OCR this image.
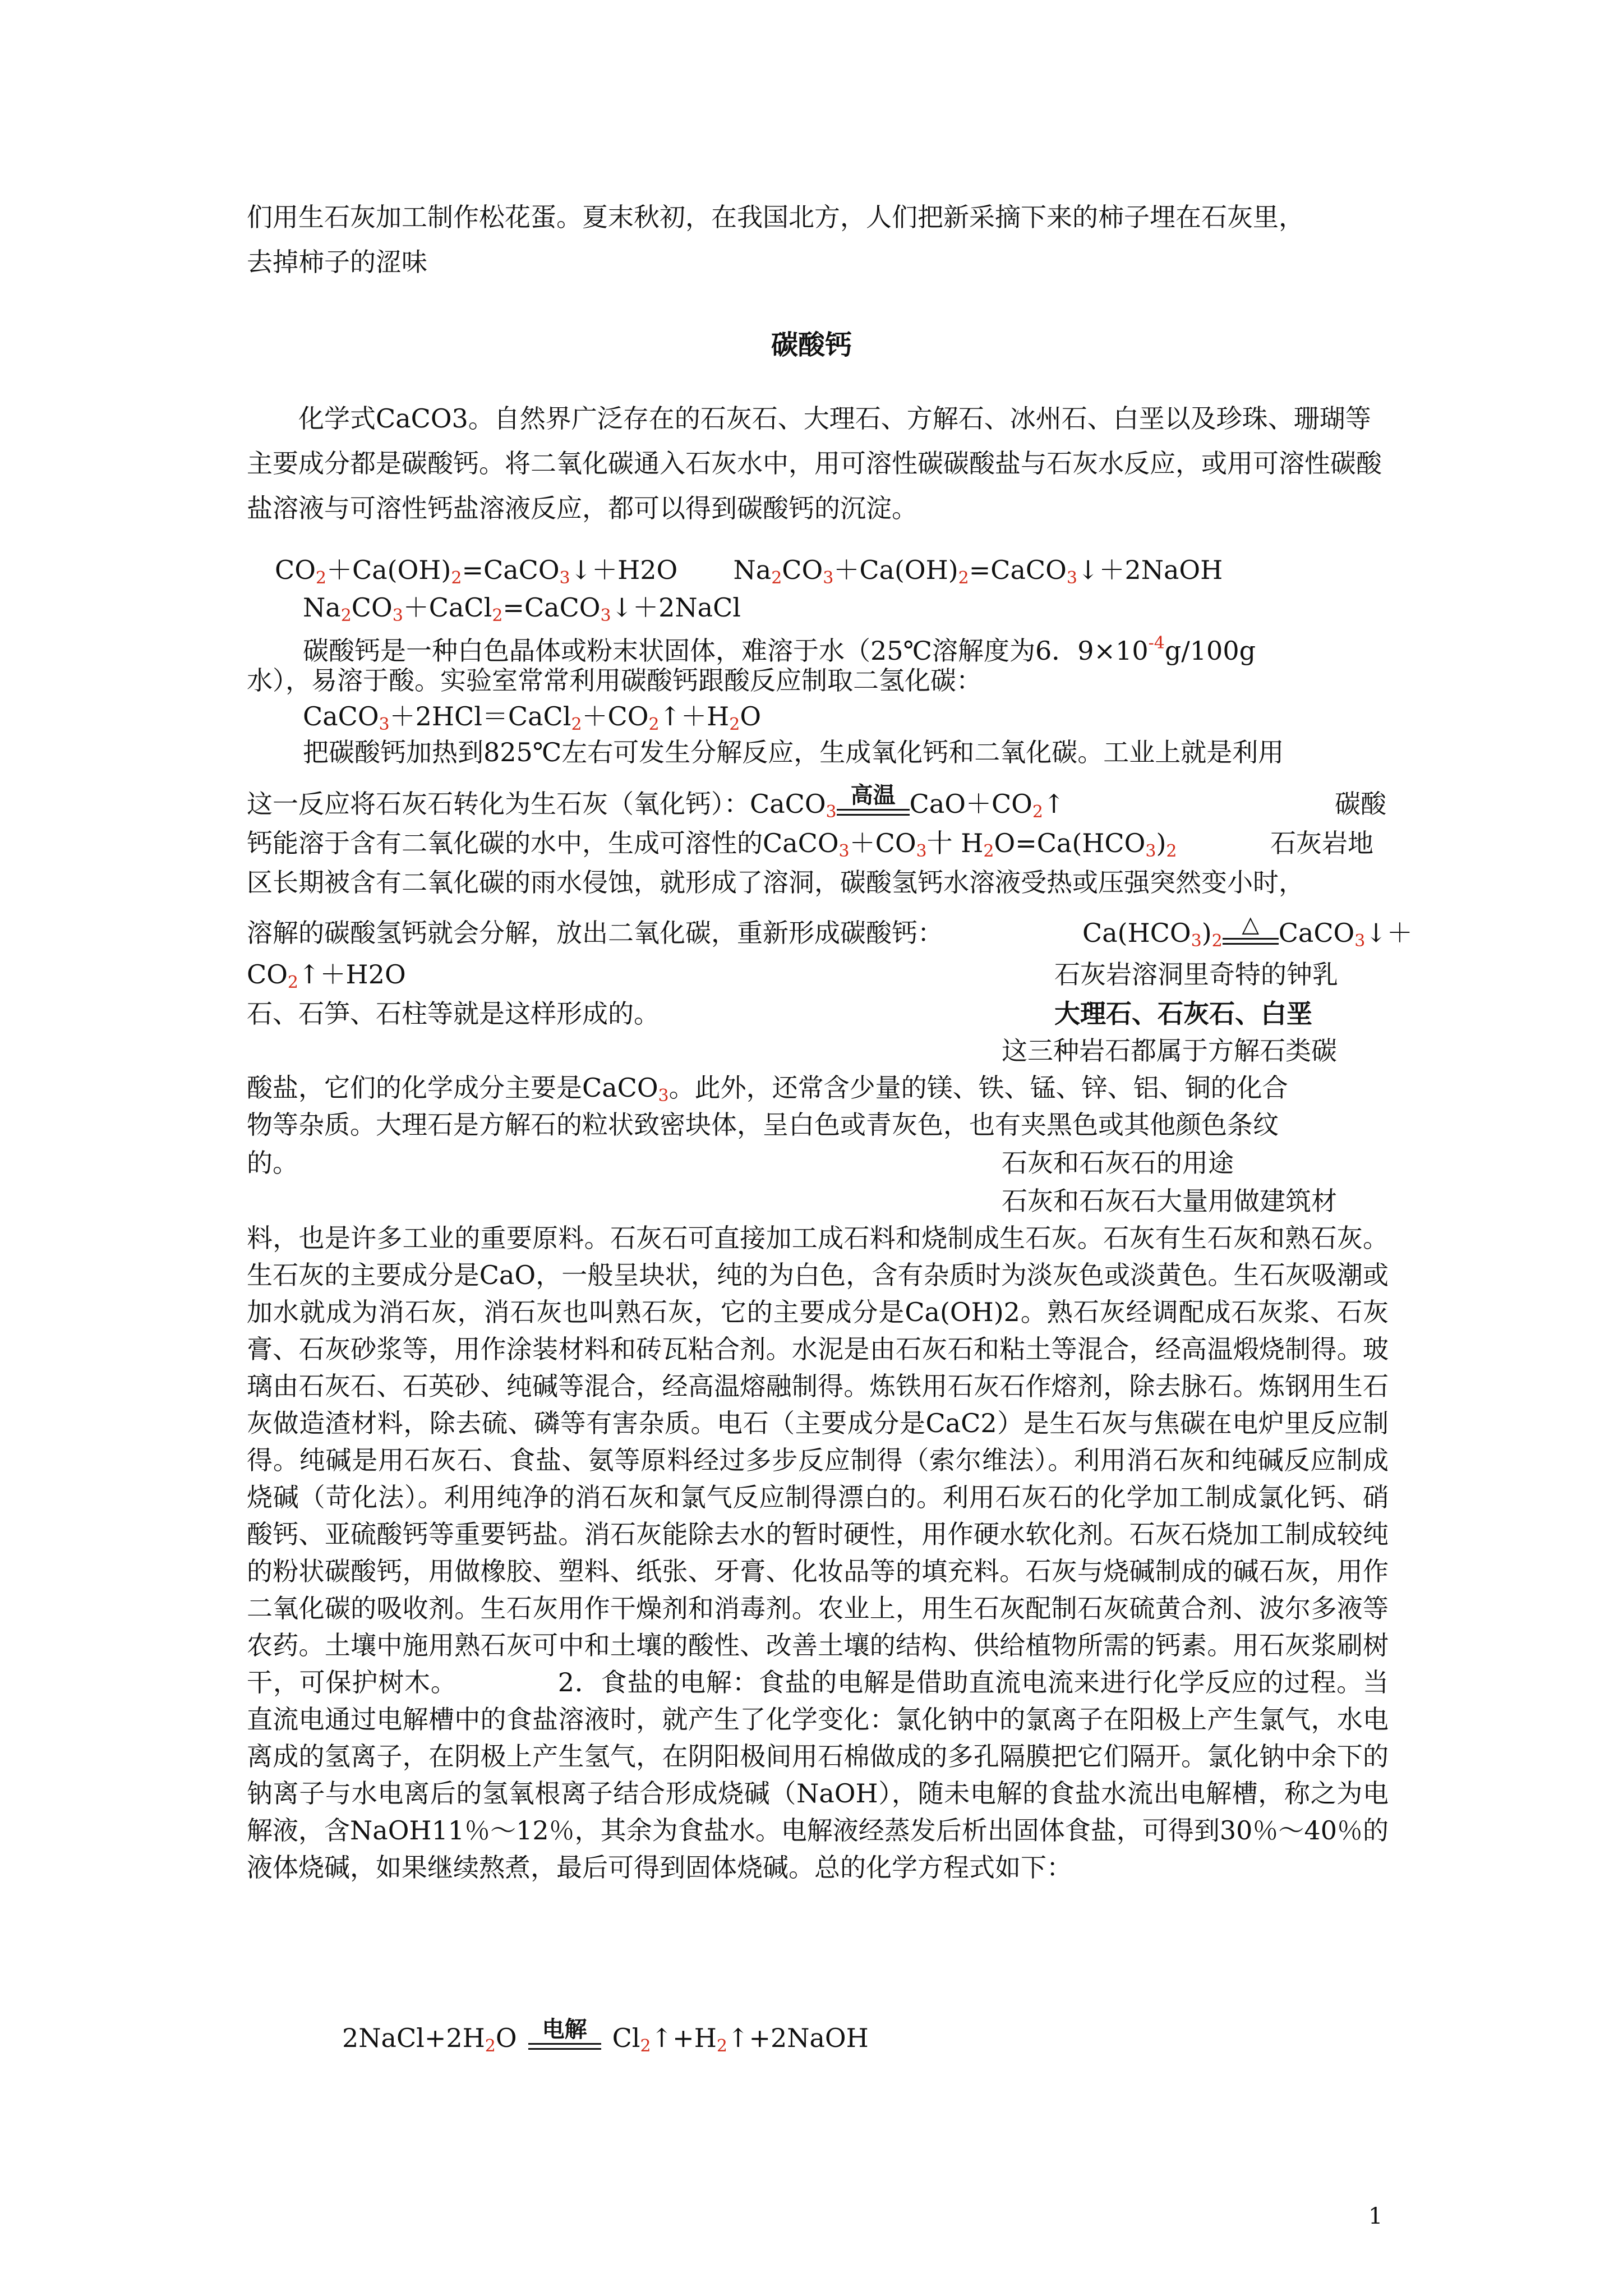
们用生石灰加工制作松花蛋。夏末秋初，在我国北方，人们把新采摘下来的柿子埋在石灰里，
去掉柿子的涩味
碳酸钙
化学式CaCO3。自然界广泛存在的石灰石、大理石、方解石、冰州石、白垩以及珍珠、珊瑚等主要成分都是碳酸钙。将二氧化碳通入石灰水中，用可溶性碳碳酸盐与石灰水反应，或用可溶性碳酸盐溶液与可溶性钙盐溶液反应，都可以得到碳酸钙的沉淀。
$CO_2+Ca(OH)_2=CaCO_3↓+H2O$ $Na_2CO_3+Ca(OH)_2=CaCO_3↓+2NaOH$
$Na_2CO_3+CaCl_2=CaCO_3↓+2NaCl$
碳酸钙是一种白色晶体或粉末状固体，难溶于水（25℃溶解度为6．$9\times 10^{-4}g/100g$
水），易溶于酸。实验室常常利用碳酸钙跟酸反应制取二氢化碳：
$CaCO_3+2HCl=CaCl_2+CO_2↑+H_2O$
把碳酸钙加热到825℃左右可发生分解反应，生成氧化钙和二氧化碳。工业上就是利用
这一反应将石灰石转化为生石灰（氧化钙）：CaCO$_3$
高温 $CaO+CO_2↑$	碳酸
钙能溶于含有二氧化碳的水中，生成可溶性的$CaCO_3+CO_3$十 $H_2O=Ca(HCO_3)_2$	石灰岩地
区长期被含有二氧化碳的雨水侵蚀，就形成了溶洞，碳酸氢钙水溶液受热或压强突然变小时，
溶解的碳酸氢钙就会分解，放出二氧化碳，重新形成碳酸钙：	$Ca(HCO_3)_2$
△ CaCO$_3$↓＋
$CO_2↑+H2O$	石灰岩溶洞里奇特的钟乳
石、石笋、石柱等就是这样形成的。	大理石、石灰石、白垩
这三种岩石都属于方解石类碳
酸盐，它们的化学成分主要是CaCO$_3$。此外，还常含少量的镁、铁、锰、锌、铝、铜的化合
物等杂质。大理石是方解石的粒状致密块体，呈白色或青灰色，也有夹黑色或其他颜色条纹
石灰和石灰石的用途
的。
石灰和石灰石大量用做建筑材
料，也是许多工业的重要原料。石灰石可直接加工成石料和烧制成生石灰。石灰有生石灰和熟石灰。生石灰的主要成分是CaO，一般呈块状，纯的为白色，含有杂质时为淡灰色或淡黄色。生石灰吸潮或加水就成为消石灰，消石灰也叫熟石灰，它的主要成分是Ca(OH)2。熟石灰经调配成石灰浆、石灰膏、石灰砂浆等，用作涂装材料和砖瓦粘合剂。水泥是由石灰石和粘土等混合，经高温煅烧制得。玻璃由石灰石、石英砂、纯碱等混合，经高温熔融制得。炼铁用石灰石作熔剂，除去脉石。炼钢用生石灰做造渣材料，除去硫、磷等有害杂质。电石（主要成分是CaC2）是生石灰与焦碳在电炉里反应制得。纯碱是用石灰石、食盐、氨等原料经过多步反应制得（索尔维法）。利用消石灰和纯碱反应制成烧碱（苛化法）。利用纯净的消石灰和氯气反应制得漂白的。利用石灰石的化学加工制成氯化钙、硝酸钙、亚硫酸钙等重要钙盐。消石灰能除去水的暂时硬性，用作硬水软化剂。石灰石烧加工制成较纯的粉状碳酸钙，用做橡胶、塑料、纸张、牙膏、化妆品等的填充料。石灰与烧碱制成的碱石灰，用作二氧化碳的吸收剂。生石灰用作干燥剂和消毒剂。农业上，用生石灰配制石灰硫黄合剂、波尔多液等农药。土壤中施用熟石灰可中和土壤的酸性、改善土壤的结构、供给植物所需的钙素。用石灰浆刷树干，可保护树木。	2．食盐的电解：食盐的电解是借助直流电流来进行化学反应的过程。当直流电通过电解槽中的食盐溶液时，就产生了化学变化：氯化钠中的氯离子在阳极上产生氯气，水电离成的氢离子，在阴极上产生氢气，在阴阳极间用石棉做成的多孔隔膜把它们隔开。氯化钠中余下的钠离子与水电离后的氢氧根离子结合形成烧碱（NaOH），随未电解的食盐水流出电解槽，称之为电解液，含NaOH11％～12％，其余为食盐水。电解液经蒸发后析出固体食盐，可得到30％～40％的液体烧碱，如果继续熬煮，最后可得到固体烧碱。总的化学方程式如下：
$2NaCl+2H_2O$	电解 $Cl_2↑+H_2↑+2NaOH$
1
